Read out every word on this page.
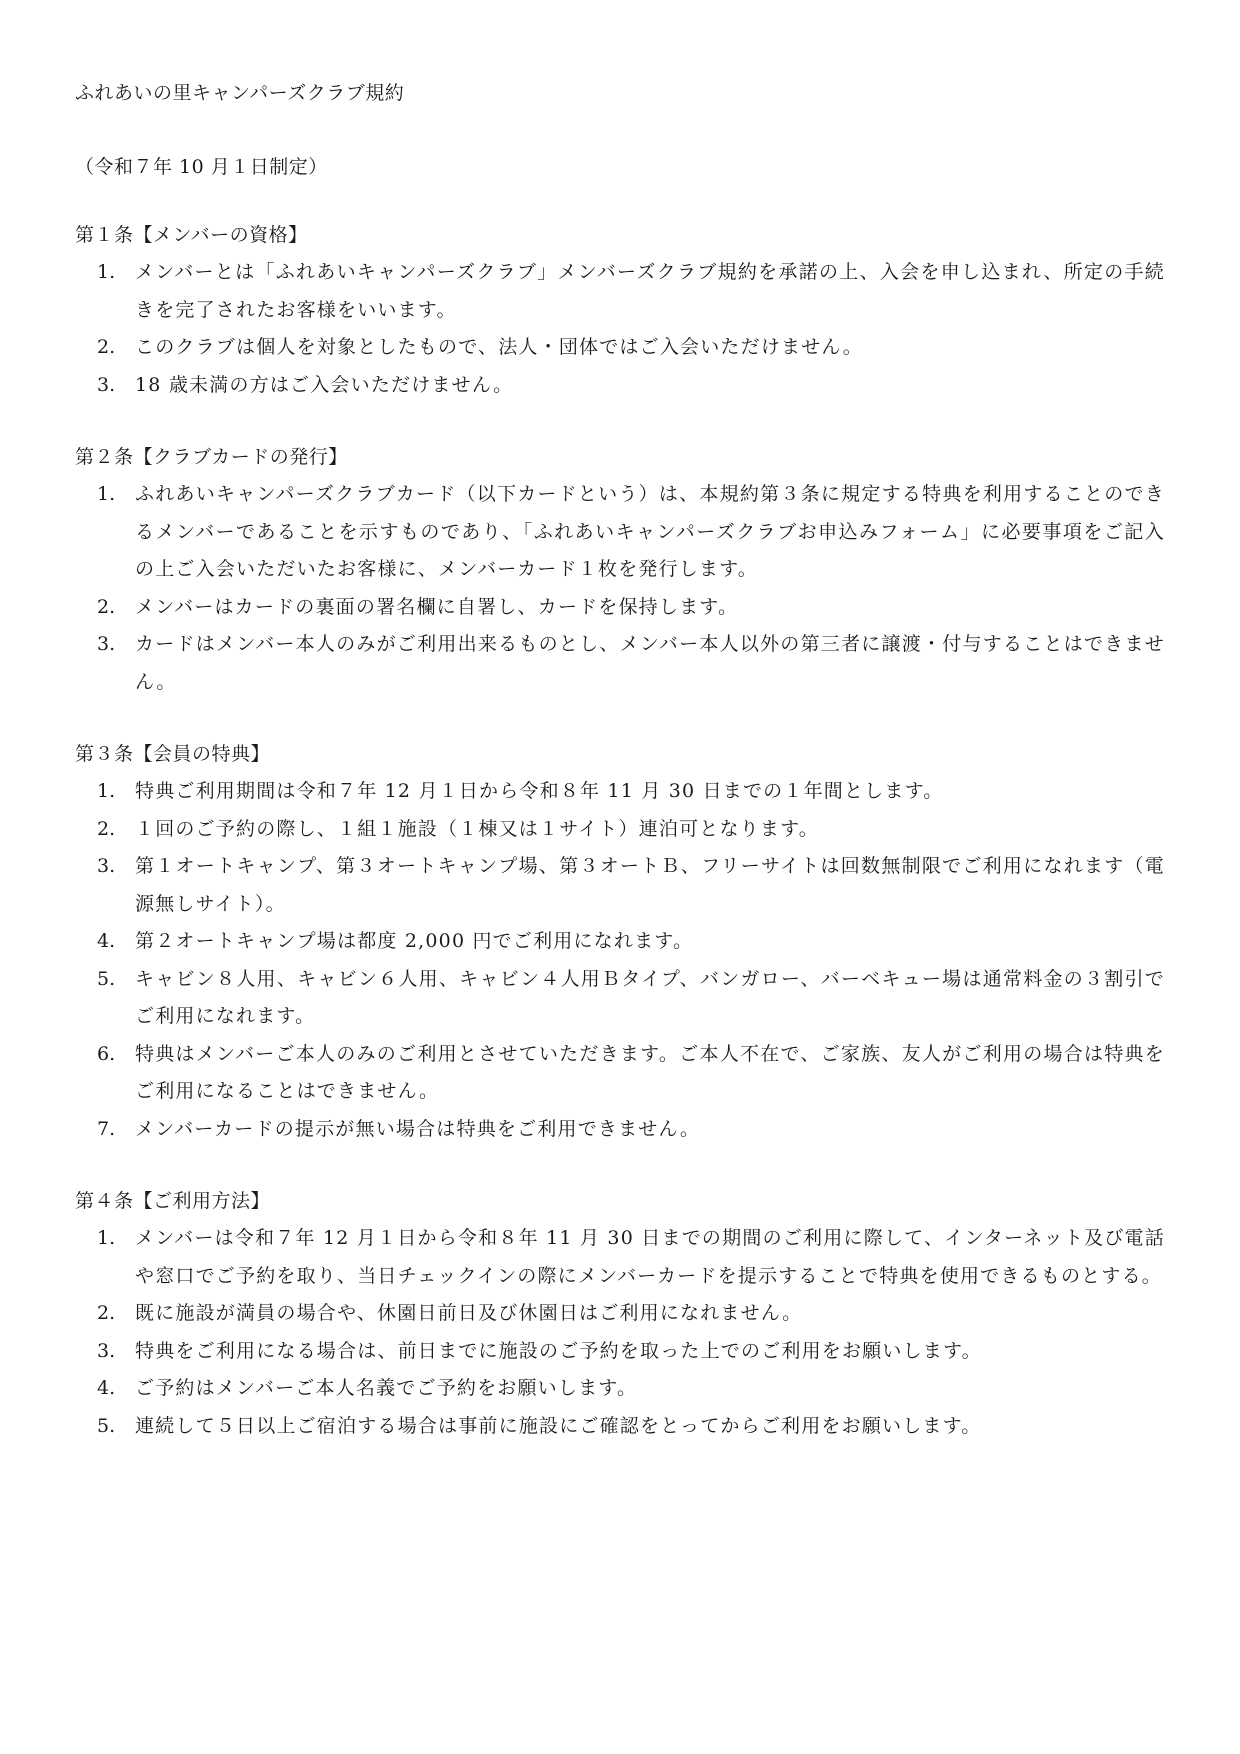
ふれあいの里キャンパーズクラブ規約

（令和７年 10 月１日制定）

第１条【メンバーの資格】
1. メンバーとは「ふれあいキャンパーズクラブ」メンバーズクラブ規約を承諾の上、入会を申し込まれ、所定の手続きを完了されたお客様をいいます。
2. このクラブは個人を対象としたもので、法人・団体ではご入会いただけません。
3. 18 歳未満の方はご入会いただけません。
第２条【クラブカードの発行】
1. ふれあいキャンパーズクラブカード（以下カードという）は、本規約第３条に規定する特典を利用することのできるメンバーであることを示すものであり、「ふれあいキャンパーズクラブお申込みフォーム」に必要事項をご記入の上ご入会いただいたお客様に、メンバーカード１枚を発行します。
2. メンバーはカードの裏面の署名欄に自署し、カードを保持します。
3. カードはメンバー本人のみがご利用出来るものとし、メンバー本人以外の第三者に譲渡・付与することはできません。
第３条【会員の特典】
1. 特典ご利用期間は令和７年 12 月１日から令和８年 11 月 30 日までの１年間とします。
2. １回のご予約の際し、１組１施設（１棟又は１サイト）連泊可となります。
3. 第１オートキャンプ、第３オートキャンプ場、第３オートＢ、フリーサイトは回数無制限でご利用になれます（電源無しサイト）。
4. 第２オートキャンプ場は都度 2,000 円でご利用になれます。
5. キャビン８人用、キャビン６人用、キャビン４人用Ｂタイプ、バンガロー、バーベキュー場は通常料金の３割引でご利用になれます。
6. 特典はメンバーご本人のみのご利用とさせていただきます。ご本人不在で、ご家族、友人がご利用の場合は特典をご利用になることはできません。
7. メンバーカードの提示が無い場合は特典をご利用できません。
第４条【ご利用方法】
1. メンバーは令和７年 12 月１日から令和８年 11 月 30 日までの期間のご利用に際して、インターネット及び電話や窓口でご予約を取り、当日チェックインの際にメンバーカードを提示することで特典を使用できるものとする。
2. 既に施設が満員の場合や、休園日前日及び休園日はご利用になれません。
3. 特典をご利用になる場合は、前日までに施設のご予約を取った上でのご利用をお願いします。
4. ご予約はメンバーご本人名義でご予約をお願いします。
5. 連続して５日以上ご宿泊する場合は事前に施設にご確認をとってからご利用をお願いします。
